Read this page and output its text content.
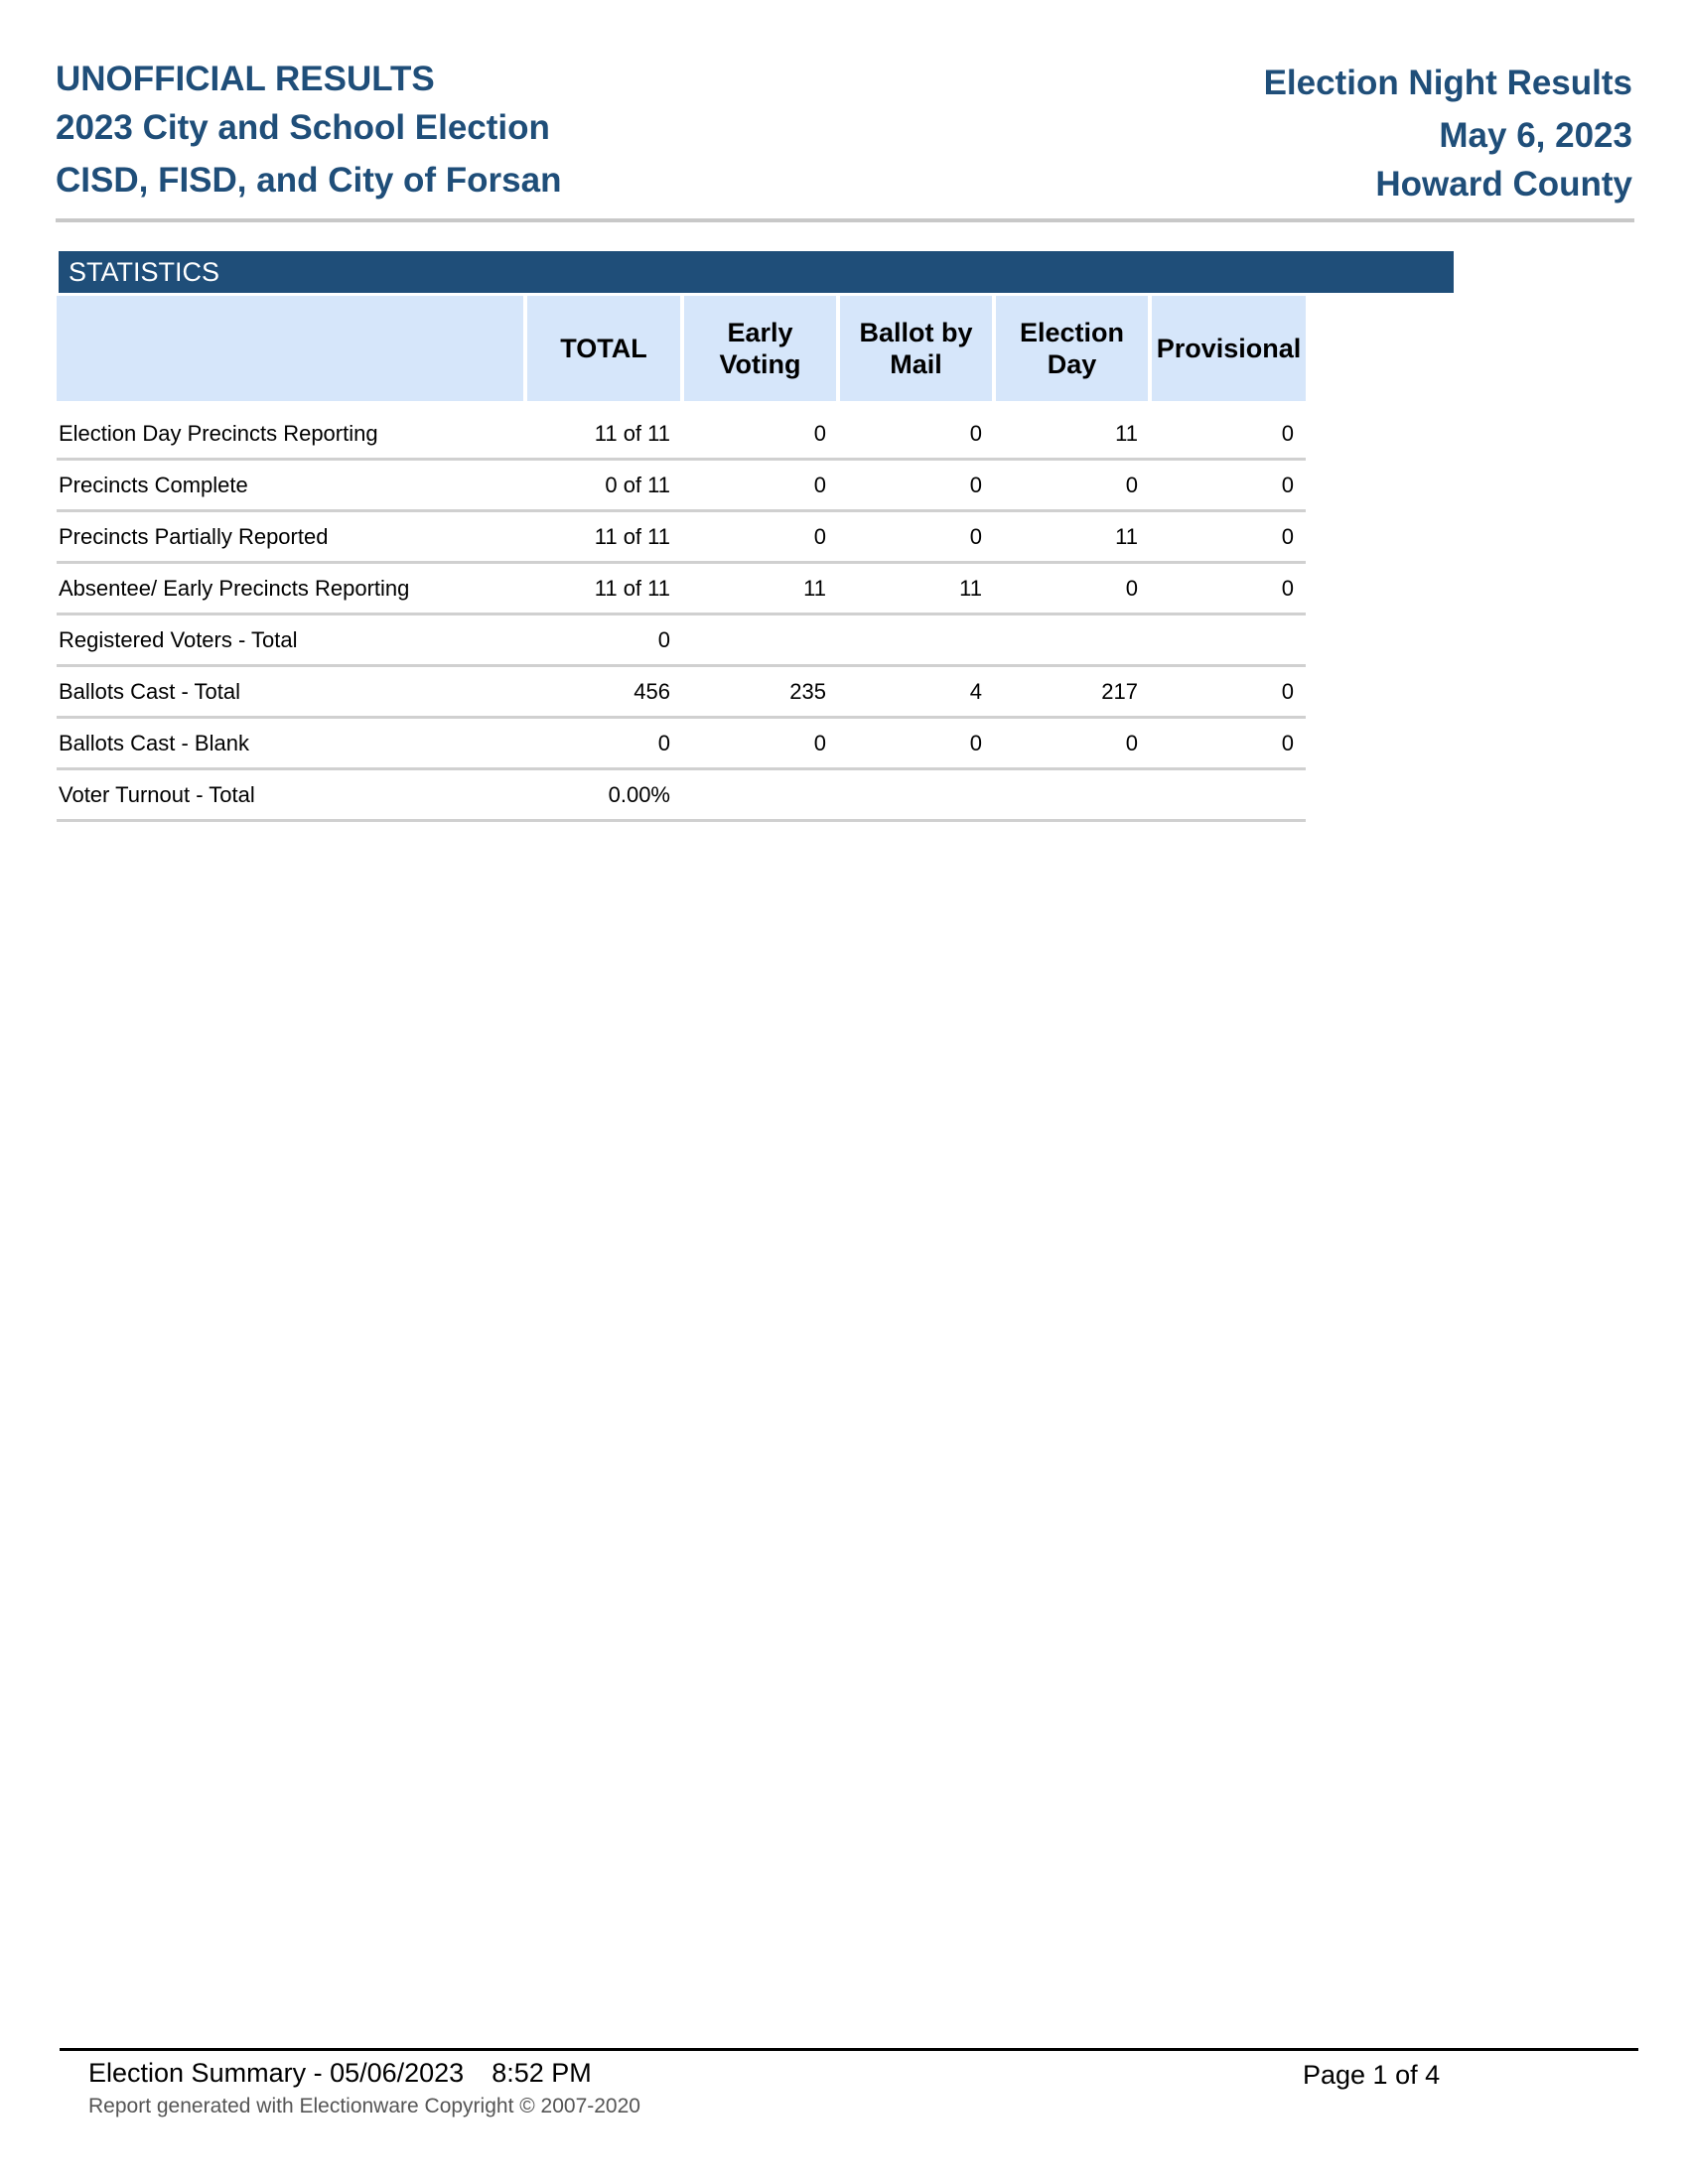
UNOFFICIAL RESULTS
2023 City and School Election
CISD, FISD, and City of Forsan
Election Night Results
May 6, 2023
Howard County
STATISTICS
	TOTAL	Early Voting	Ballot by Mail	Election Day	Provisional
Election Day Precincts Reporting	11 of 11	0	0	11	0
Precincts Complete	0 of 11	0	0	0	0
Precincts Partially Reported	11 of 11	0	0	11	0
Absentee/ Early Precincts Reporting	11 of 11	11	11	0	0
Registered Voters - Total	0				
Ballots Cast - Total	456	235	4	217	0
Ballots Cast - Blank	0	0	0	0	0
Voter Turnout - Total	0.00%				
Election Summary - 05/06/2023 8:52 PM
Report generated with Electionware Copyright © 2007-2020
Page 1 of 4
